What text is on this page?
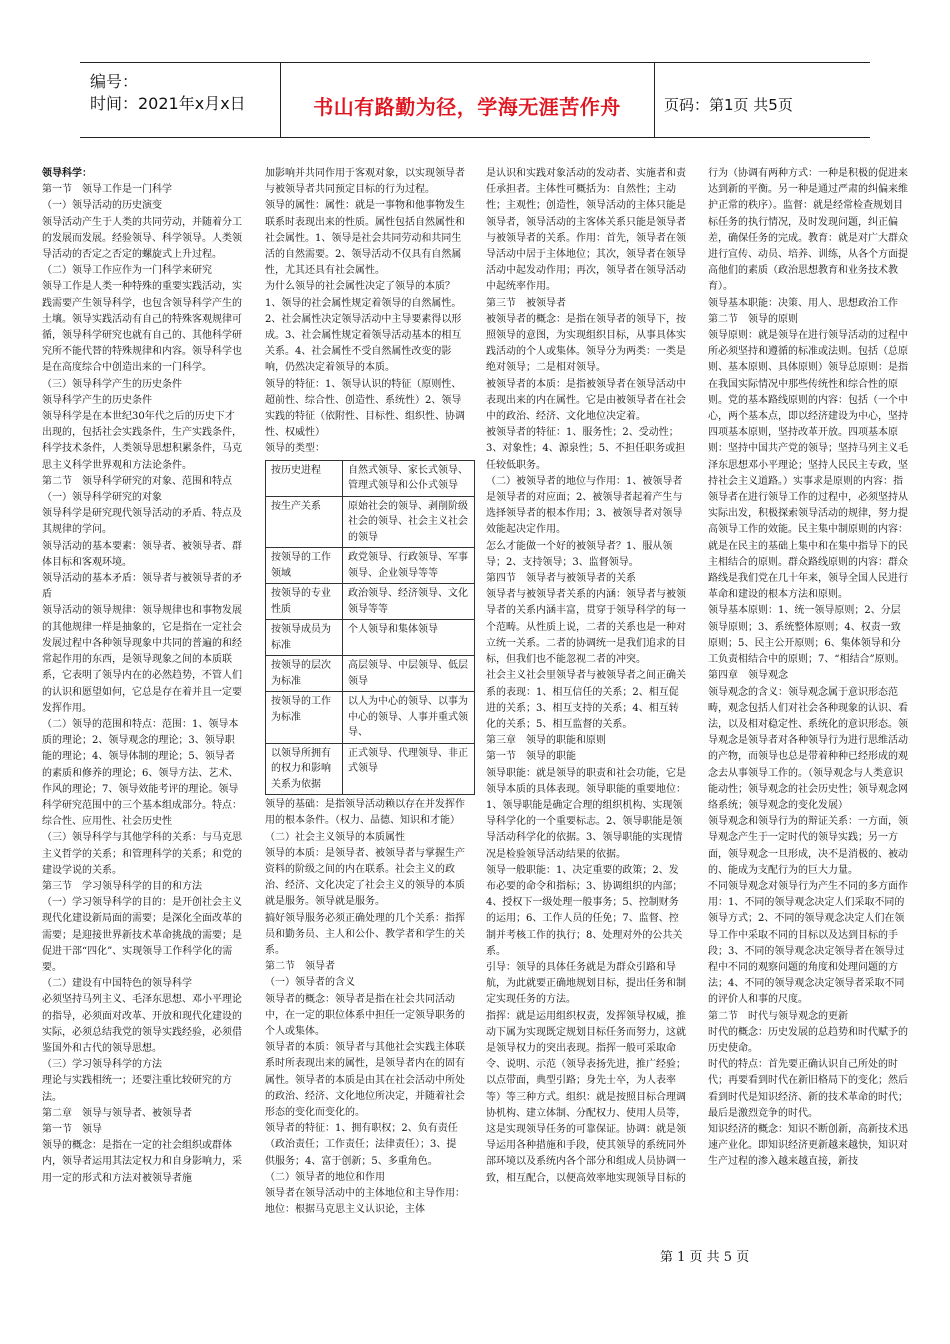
编号：
时间：2021年x月x日	书山有路勤为径，学海无涯苦作舟	页码：第1页 共5页

领导科学：

第一节　领导工作是一门科学

（一）领导活动的历史演变

领导活动产生于人类的共同劳动，并随着分工的发展而发展。经验领导、科学领导。人类领导活动的否定之否定的螺旋式上升过程。

（二）领导工作应作为一门科学来研究

领导工作是人类一种特殊的重要实践活动，实践需要产生领导科学，也包含领导科学产生的土壤。领导实践活动有自己的特殊客观规律可循，领导科学研究也就有自己的、其他科学研究所不能代替的特殊规律和内容。领导科学也是在高度综合中创造出来的一门科学。

（三）领导科学产生的历史条件

领导科学产生的历史条件

领导科学是在本世纪30年代之后的历史下才出现的，包括社会实践条件，生产实践条件，科学技术条件，人类领导思想积累条件，马克思主义科学世界观和方法论条件。

第二节　领导科学研究的对象、范围和特点

（一）领导科学研究的对象

领导科学是研究现代领导活动的矛盾、特点及其规律的学问。

领导活动的基本要素：领导者、被领导者、群体目标和客观环境。

领导活动的基本矛盾：领导者与被领导者的矛盾

领导活动的领导规律：领导规律也和事物发展的其他规律一样是抽象的，它是指在一定社会发展过程中各种领导现象中共同的普遍的和经常起作用的东西，是领导现象之间的本质联系，它表明了领导内在的必然趋势，不管人们的认识和愿望如何，它总是存在着并且一定要发挥作用。

（二）领导的范围和特点：范围：1、领导本质的理论；2、领导观念的理论；3、领导职能的理论；4、领导体制的理论；5、领导者的素质和修养的理论；6、领导方法、艺术、作风的理论；7、领导效能考评的理论。领导科学研究范围中的三个基本组成部分。特点：综合性、应用性、社会历史性

（三）领导科学与其他学科的关系：与马克思主义哲学的关系；和管理科学的关系；和党的建设学说的关系。

第三节　学习领导科学的目的和方法

（一）学习领导科学的目的：是开创社会主义现代化建设新局面的需要；是深化全面改革的需要；是迎接世界新技术革命挑战的需要；是促进干部“四化”、实现领导工作科学化的需要。

（二）建设有中国特色的领导科学

必须坚持马列主义、毛泽东思想、邓小平理论的指导，必须面对改革、开放和现代化建设的实际，必须总结我党的领导实践经验，必须借鉴国外和古代的领导思想。

（三）学习领导科学的方法

理论与实践相统一；还要注重比较研究的方法。

第二章　领导与领导者、被领导者

第一节　领导

领导的概念：是指在一定的社会组织或群体内，领导者运用其法定权力和自身影响力，采用一定的形式和方法对被领导者施

加影响并共同作用于客观对象，以实现领导者与被领导者共同预定目标的行为过程。

领导的属性：属性：就是一事物和他事物发生联系时表现出来的性质。属性包括自然属性和社会属性。1、领导是社会共同劳动和共同生活的自然需要。2、领导活动不仅具有自然属性，尤其还具有社会属性。

为什么领导的社会属性决定了领导的本质？1、领导的社会属性规定着领导的自然属性。2、社会属性决定领导活动中主导要素得以形成。3、社会属性规定着领导活动基本的相互关系。4、社会属性不受自然属性改变的影响，仍然决定着领导的本质。

领导的特征：1、领导认识的特征（原则性、超前性、综合性、创造性、系统性）2、领导实践的特征（依附性、目标性、组织性、协调性、权威性）

领导的类型：

按历史进程	自然式领导、家长式领导、管理式领导和公仆式领导
按生产关系	原始社会的领导、剥削阶级社会的领导、社会主义社会的领导
按领导的工作领域	政党领导、行政领导、军事领导、企业领导等等
按领导的专业性质	政治领导、经济领导、文化领导等等
按领导成员为标准	个人领导和集体领导
按领导的层次为标准	高层领导、中层领导、低层领导
按领导的工作为标准	以人为中心的领导、以事为中心的领导、人事并重式领导、
以领导所拥有的权力和影响关系为依据	正式领导、代理领导、非正式领导

领导的基础：是指领导活动赖以存在并发挥作用的根本条件。（权力、品德、知识和才能）

（二）社会主义领导的本质属性

领导的本质：是领导者、被领导者与掌握生产资料的阶级之间的内在联系。社会主义的政治、经济、文化决定了社会主义的领导的本质就是服务。领导就是服务。

搞好领导服务必须正确处理的几个关系：指挥员和勤务员、主人和公仆、教学者和学生的关系。

第二节　领导者

（一）领导者的含义

领导者的概念：领导者是指在社会共同活动中，在一定的职位体系中担任一定领导职务的个人或集体。

领导者的本质：领导者与其他社会实践主体联系时所表现出来的属性，是领导者内在的固有属性。领导者的本质是由其在社会活动中所处的政治、经济、文化地位所决定，并随着社会形态的变化而变化的。

领导者的特征：1、拥有职权；2、负有责任（政治责任；工作责任；法律责任）；3、提供服务；4、富于创新；5、多重角色。

（二）领导者的地位和作用

领导者在领导活动中的主体地位和主导作用：地位：根据马克思主义认识论，主体

是认识和实践对象活动的发动者、实施者和责任承担者。主体性可概括为：自然性；主动性；主观性；创造性，领导活动的主体只能是领导者，领导活动的主客体关系只能是领导者与被领导者的关系。作用：首先，领导者在领导活动中居于主体地位；其次，领导者在领导活动中起发动作用；再次，领导者在领导活动中起统率作用。

第三节　被领导者

被领导者的概念：是指在领导者的领导下，按照领导的意图，为实现组织目标，从事具体实践活动的个人或集体。领导分为两类：一类是绝对领导；二是相对领导。

被领导者的本质：是指被领导者在领导活动中表现出来的内在属性。它是由被领导者在社会中的政治、经济、文化地位决定着。

被领导者的特征：1、服务性；2、受动性；3、对象性；4、源泉性；5、不担任职务或担任较低职务。

（二）被领导者的地位与作用：1、被领导者是领导者的对应面；2、被领导者起着产生与选择领导者的根本作用；3、被领导者对领导效能起决定作用。

怎么才能做一个好的被领导者？1、服从领导；2、支持领导；3、监督领导。

第四节　领导者与被领导者的关系

领导者与被领导者关系的内涵：领导者与被领导者的关系内涵丰富，贯穿于领导科学的每一个范畴。从性质上说，二者的关系也是一种对立统一关系。二者的协调统一是我们追求的目标，但我们也不能忽视二者的冲突。

社会主义社会里领导者与被领导者之间正确关系的表现：1、相互信任的关系；2、相互促进的关系；3、相互支持的关系；4、相互转化的关系；5、相互监督的关系。

第三章　领导的职能和原则

第一节　领导的职能

领导职能：就是领导的职责和社会功能，它是领导本质的具体表现。领导职能的重要地位：1、领导职能是确定合理的组织机构、实现领导科学化的一个重要标志。2、领导职能是领导活动科学化的依据。3、领导职能的实现情况是检验领导活动结果的依据。

领导一般职能：1、决定重要的政策；2、发布必要的命令和指标；3、协调组织的内部；4、授权下一级处理一般事务；5、控制财务的运用；6、工作人员的任免；7、监督、控制并考核工作的执行；8、处理对外的公共关系。

引导：领导的具体任务就是为群众引路和导航，为此就要正确地规划目标，提出任务和制定实现任务的方法。

指挥：就是运用组织权责，发挥领导权威，推动下属为实现既定规划目标任务而努力，这就是领导权力的突出表现。指挥一般可采取命令、说明、示范（领导表扬先进，推广经验；以点带面，典型引路；身先士卒，为人表率等）等三种方式。组织：就是按照目标合理调协机构、建立体制、分配权力、使用人员等，这是实现领导任务的可靠保证。协调：就是领导运用各种措施和手段，使其领导的系统同外部环境以及系统内各个部分和组成人员协调一致，相互配合，以便高效率地实现领导目标的

行为（协调有两种方式：一种是积极的促进来达到新的平衡。另一种是通过严肃的纠偏来维护正常的秩序）。监督：就是经常检查规划目标任务的执行情况，及时发现问题，纠正偏差，确保任务的完成。教育：就是对广大群众进行宣传、动员、培养、训练，从各个方面提高他们的素质（政治思想教育和业务技术教育）。

领导基本职能：决策、用人、思想政治工作

第二节　领导的原则

领导原则：就是领导在进行领导活动的过程中所必须坚持和遵循的标准或法则。包括（总原则、基本原则、具体原则）领导总原则：是指在我国实际情况中那些传统性和综合性的原则。党的基本路线原则的内容：包括（一个中心，两个基本点，即以经济建设为中心，坚持四项基本原则，坚持改革开放。四项基本原则：坚持中国共产党的领导；坚持马列主义毛泽东思想邓小平理论；坚持人民民主专政，坚持社会主义道路。）实事求是原则的内容：指领导者在进行领导工作的过程中，必须坚持从实际出发，积极探索领导活动的规律，努力提高领导工作的效能。民主集中制原则的内容：就是在民主的基础上集中和在集中指导下的民主相结合的原则。群众路线原则的内容：群众路线是我们党在几十年来，领导全国人民进行革命和建设的根本方法和原则。

领导基本原则：1、统一领导原则；2、分层领导原则；3、系统整体原则；4、权责一致原则；5、民主公开原则；6、集体领导和分工负责相结合中的原则；7、“相结合”原则。

第四章　领导观念

领导观念的含义：领导观念属于意识形态范畴，观念包括人们对社会各种现象的认识、看法，以及相对稳定性、系统化的意识形态。领导观念是领导者对各种领导行为进行思维活动的产物，而领导也总是带着种种已经形成的观念去从事领导工作的。（领导观念与人类意识能动性；领导观念的社会历史性；领导观念网络系统；领导观念的变化发展）

领导观念和领导行为的辩证关系：一方面，领导观念产生于一定时代的领导实践；另一方面，领导观念一旦形成，决不是消极的、被动的、能成为支配行为的巨大力量。

不同领导观念对领导行为产生不同的多方面作用：1、不同的领导观念决定人们采取不同的领导方式；2、不同的领导观念决定人们在领导工作中采取不同的目标以及达到目标的手段；3、不同的领导观念决定领导者在领导过程中不同的观察问题的角度和处理问题的方法；4、不同的领导观念决定领导者采取不同的评价人和事的尺度。

第二节　时代与领导观念的更新

时代的概念：历史发展的总趋势和时代赋予的历史使命。

时代的特点：首先要正确认识自己所处的时代；再要看到时代在新旧格局下的变化；然后看到时代是知识经济、新的技术革命的时代；最后是激烈竞争的时代。

知识经济的概念：知识不断创新，高新技术迅速产业化。即知识经济更新越来越快，知识对生产过程的渗入越来越直接，新技

第 1 页 共 5 页
